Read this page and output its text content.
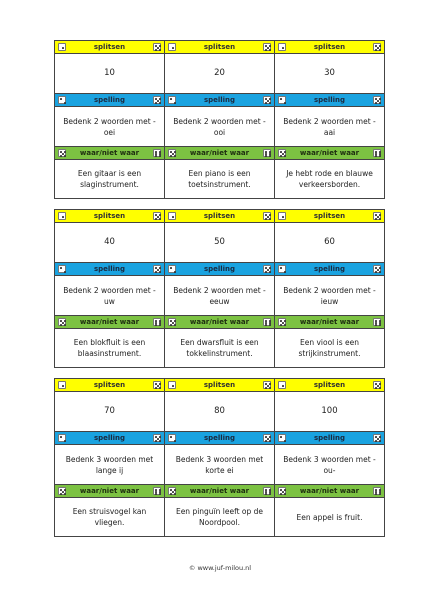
splitsen
10
spelling
Bedenk 2 woorden met -oei
waar/niet waar
Een gitaar is een slaginstrument.
splitsen
20
spelling
Bedenk 2 woorden met -ooi
waar/niet waar
Een piano is een toetsinstrument.
splitsen
30
spelling
Bedenk 2 woorden met -aai
waar/niet waar
Je hebt rode en blauwe verkeersborden.
splitsen
40
spelling
Bedenk 2 woorden met -uw
waar/niet waar
Een blokfluit is een blaasinstrument.
splitsen
50
spelling
Bedenk 2 woorden met -eeuw
waar/niet waar
Een dwarsfluit is een tokkelinstrument.
splitsen
60
spelling
Bedenk 2 woorden met -ieuw
waar/niet waar
Een viool is een strijkinstrument.
splitsen
70
spelling
Bedenk 3 woorden met lange ij
waar/niet waar
Een struisvogel kan vliegen.
splitsen
80
spelling
Bedenk 3 woorden met korte ei
waar/niet waar
Een pinguïn leeft op de Noordpool.
splitsen
100
spelling
Bedenk 3 woorden met -ou-
waar/niet waar
Een appel is fruit.
© www.juf-milou.nl
